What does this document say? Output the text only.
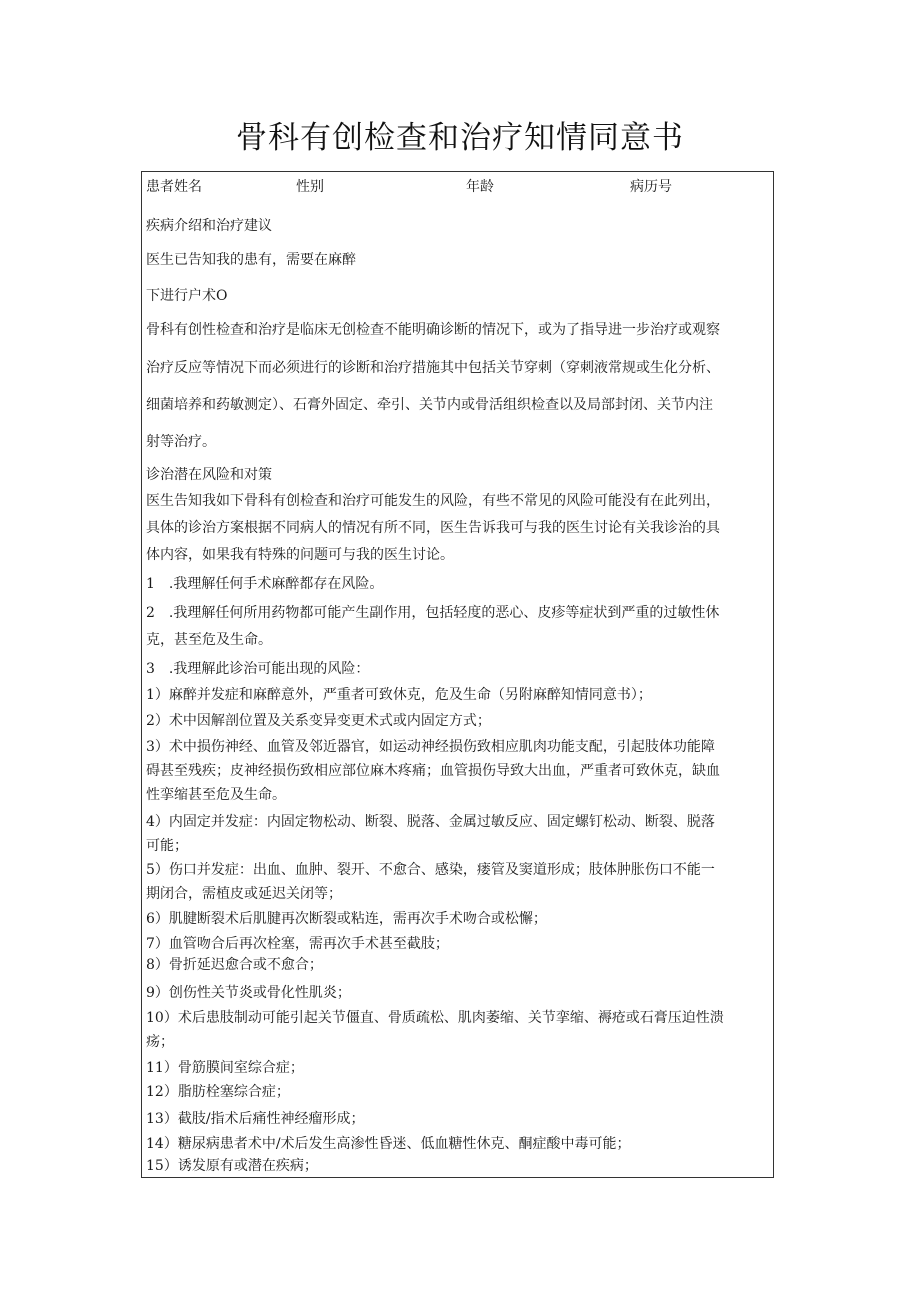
骨科有创检查和治疗知情同意书
患者姓名	性别	年龄	病历号
疾病介绍和治疗建议
医生已告知我的患有，需要在麻醉
下进行户术O
骨科有创性检查和治疗是临床无创检查不能明确诊断的情况下，或为了指导进一步治疗或观察
治疗反应等情况下而必须进行的诊断和治疗措施其中包括关节穿刺（穿刺液常规或生化分析、
细菌培养和药敏测定）、石膏外固定、牵引、关节内或骨活组织检查以及局部封闭、关节内注
射等治疗。
诊治潜在风险和对策
医生告知我如下骨科有创检查和治疗可能发生的风险，有些不常见的风险可能没有在此列出，
具体的诊治方案根据不同病人的情况有所不同，医生告诉我可与我的医生讨论有关我诊治的具
体内容，如果我有特殊的问题可与我的医生讨论。
1　.我理解任何手术麻醉都存在风险。
2　.我理解任何所用药物都可能产生副作用，包括轻度的恶心、皮疹等症状到严重的过敏性休
克，甚至危及生命。
3　.我理解此诊治可能出现的风险：
1）麻醉并发症和麻醉意外，严重者可致休克，危及生命（另附麻醉知情同意书）；
2）术中因解剖位置及关系变异变更术式或内固定方式；
3）术中损伤神经、血管及邻近器官，如运动神经损伤致相应肌肉功能支配，引起肢体功能障
碍甚至残疾；皮神经损伤致相应部位麻木疼痛；血管损伤导致大出血，严重者可致休克，缺血
性挛缩甚至危及生命。
4）内固定并发症：内固定物松动、断裂、脱落、金属过敏反应、固定螺钉松动、断裂、脱落
可能；
5）伤口并发症：出血、血肿、裂开、不愈合、感染，瘘管及窦道形成；肢体肿胀伤口不能一
期闭合，需植皮或延迟关闭等；
6）肌腱断裂术后肌腱再次断裂或粘连，需再次手术吻合或松懈；
7）血管吻合后再次栓塞，需再次手术甚至截肢；
8）骨折延迟愈合或不愈合；
9）创伤性关节炎或骨化性肌炎；
10）术后患肢制动可能引起关节僵直、骨质疏松、肌肉萎缩、关节挛缩、褥疮或石膏压迫性溃
疡；
11）骨筋膜间室综合症；
12）脂肪栓塞综合症；
13）截肢/指术后痛性神经瘤形成；
14）糖尿病患者术中/术后发生高渗性昏迷、低血糖性休克、酮症酸中毒可能；
15）诱发原有或潜在疾病；
